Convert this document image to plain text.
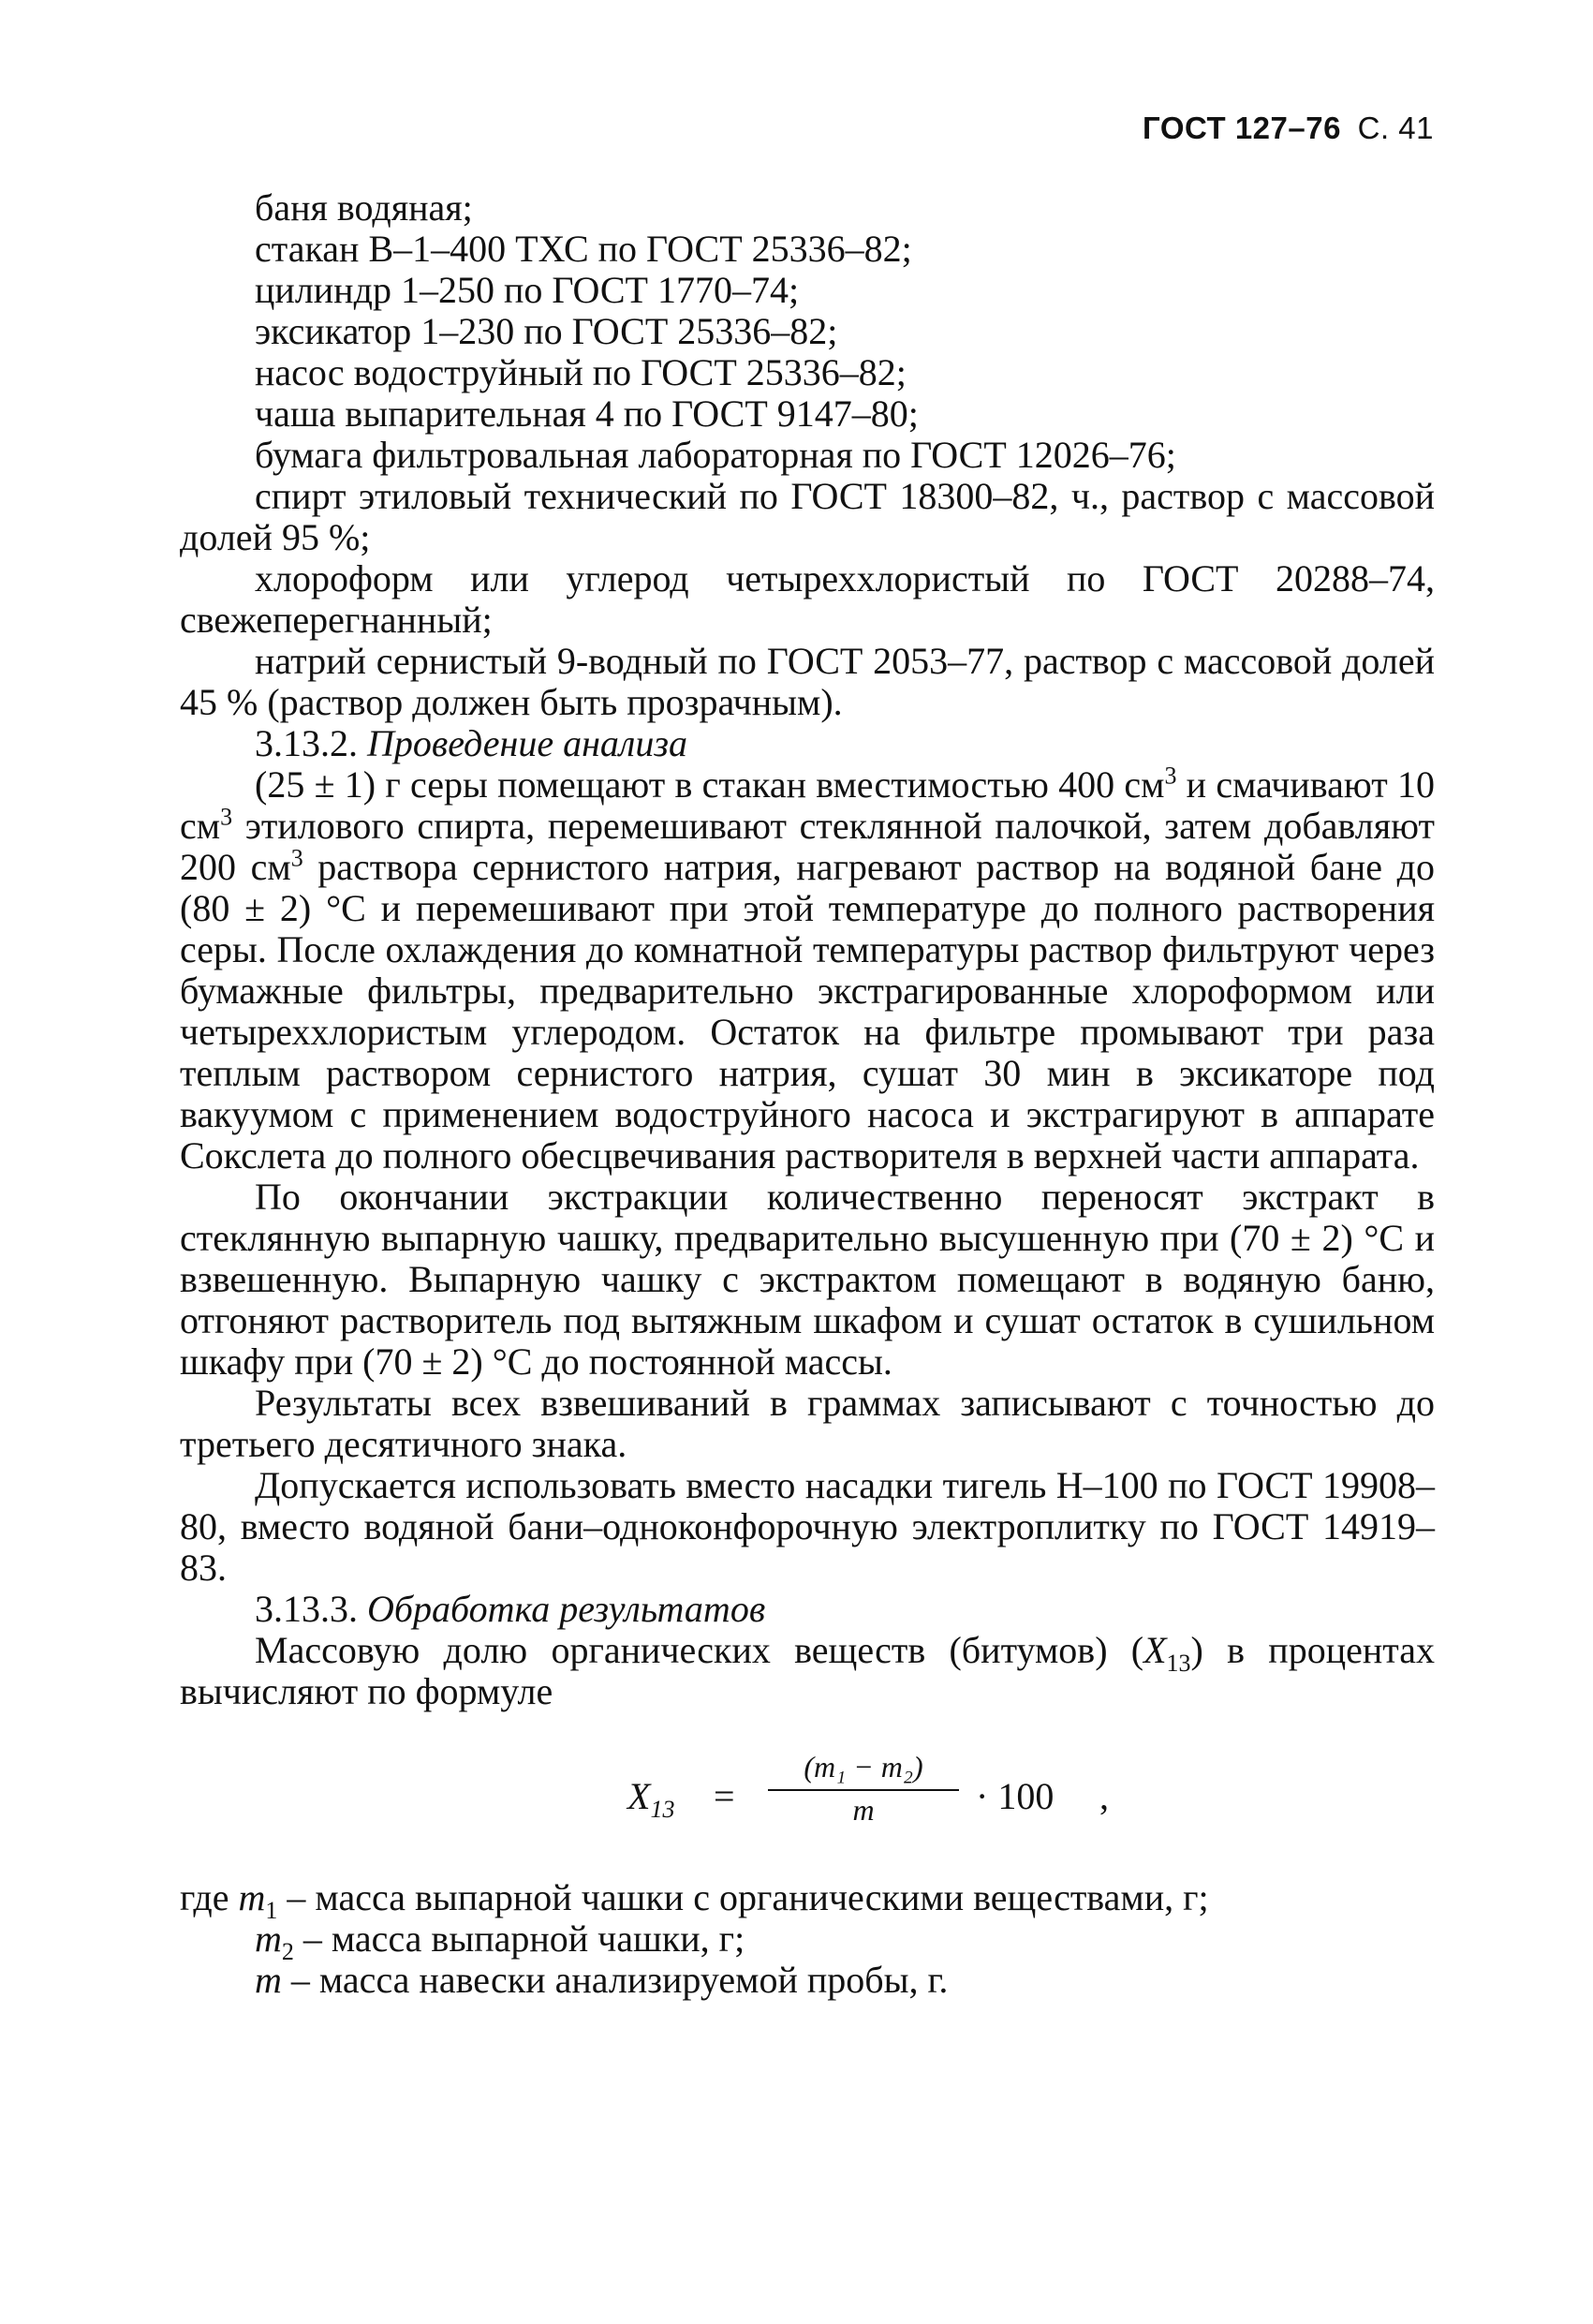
ГОСТ 127–76 С. 41

баня водяная;

стакан В–1–400 ТХС по ГОСТ 25336–82;

цилиндр 1–250 по ГОСТ 1770–74;

эксикатор 1–230 по ГОСТ 25336–82;

насос водоструйный по ГОСТ 25336–82;

чаша выпарительная 4 по ГОСТ 9147–80;

бумага фильтровальная лабораторная по ГОСТ 12026–76;

спирт этиловый технический по ГОСТ 18300–82, ч., раствор с массовой долей 95 %;

хлороформ или углерод четыреххлористый по ГОСТ 20288–74, свежеперегнанный;

натрий сернистый 9-водный по ГОСТ 2053–77, раствор с массовой долей 45 % (раствор должен быть прозрачным).

3.13.2. Проведение анализа

(25 ± 1) г серы помещают в стакан вместимостью 400 $см^3$ и смачивают 10 $см^3$ этилового спирта, перемешивают стеклянной палочкой, затем добавляют 200 $см^3$ раствора сернистого натрия, нагревают раствор на водяной бане до (80 ± 2) °С и перемешивают при этой температуре до полного растворения серы. После охлаждения до комнатной температуры раствор фильтруют через бумажные фильтры, предварительно экстрагированные хлороформом или четыреххлористым углеродом. Остаток на фильтре промывают три раза теплым раствором сернистого натрия, сушат 30 мин в эксикаторе под вакуумом с применением водоструйного насоса и экстрагируют в аппарате Сокслета до полного обесцвечивания растворителя в верхней части аппарата.

По окончании экстракции количественно переносят экстракт в стеклянную выпарную чашку, предварительно высушенную при (70 ± 2) °С и взвешенную. Выпарную чашку с экстрактом помещают в водяную баню, отгоняют растворитель под вытяжным шкафом и сушат остаток в сушильном шкафу при (70 ± 2) °С до постоянной массы.

Результаты всех взвешиваний в граммах записывают с точностью до третьего десятичного знака.

Допускается использовать вместо насадки тигель Н–100 по ГОСТ 19908–80, вместо водяной бани–одноконфорочную электроплитку по ГОСТ 14919–83.

3.13.3. Обработка результатов

Массовую долю органических веществ (битумов) $(X_{13})$ в процентах вычисляют по формуле

$X_{13}$ =
(m₁ − m₂)
m	· 100 ,

где $m_1$ – масса выпарной чашки с органическими веществами, г;

$m_2$ – масса выпарной чашки, г;

m – масса навески анализируемой пробы, г.
